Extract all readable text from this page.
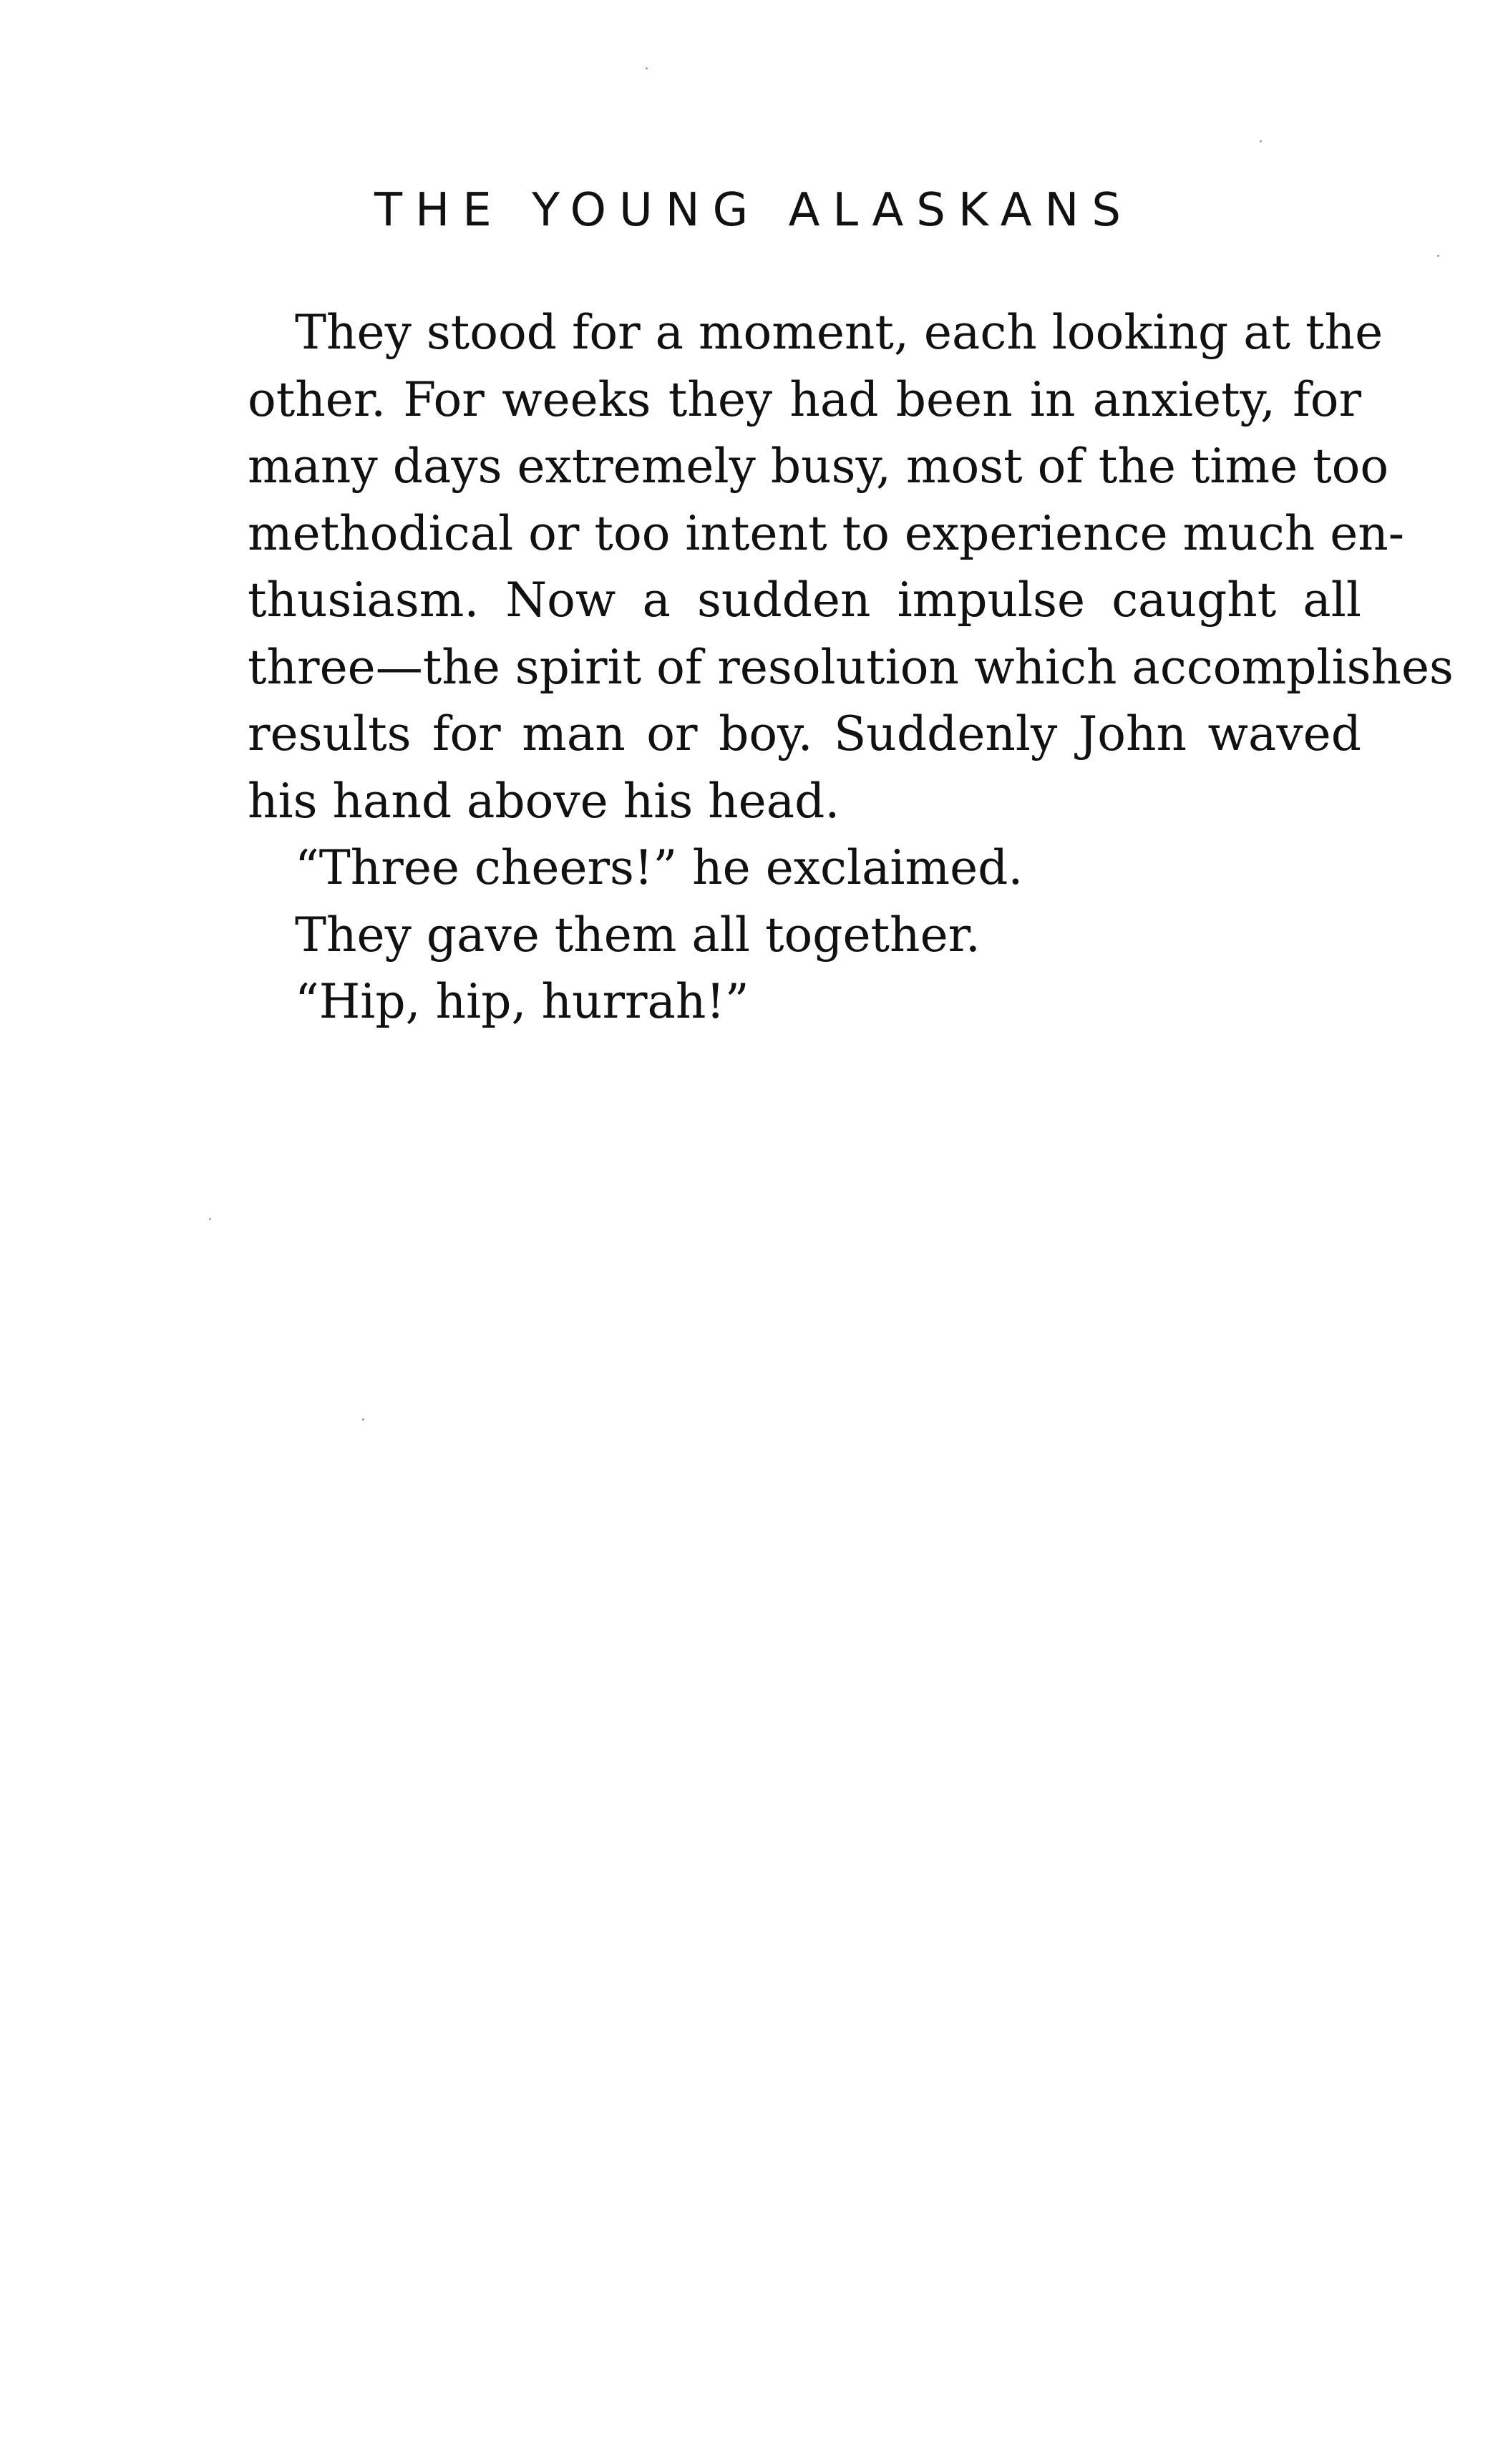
THE YOUNG ALASKANS
They stood for a moment, each looking at the
other. For weeks they had been in anxiety, for
many days extremely busy, most of the time too
methodical or too intent to experience much en-
thusiasm. Now a sudden impulse caught all
three—the spirit of resolution which accomplishes
results for man or boy. Suddenly John waved
his hand above his head.
“Three cheers!” he exclaimed.
They gave them all together.
“Hip, hip, hurrah!”
